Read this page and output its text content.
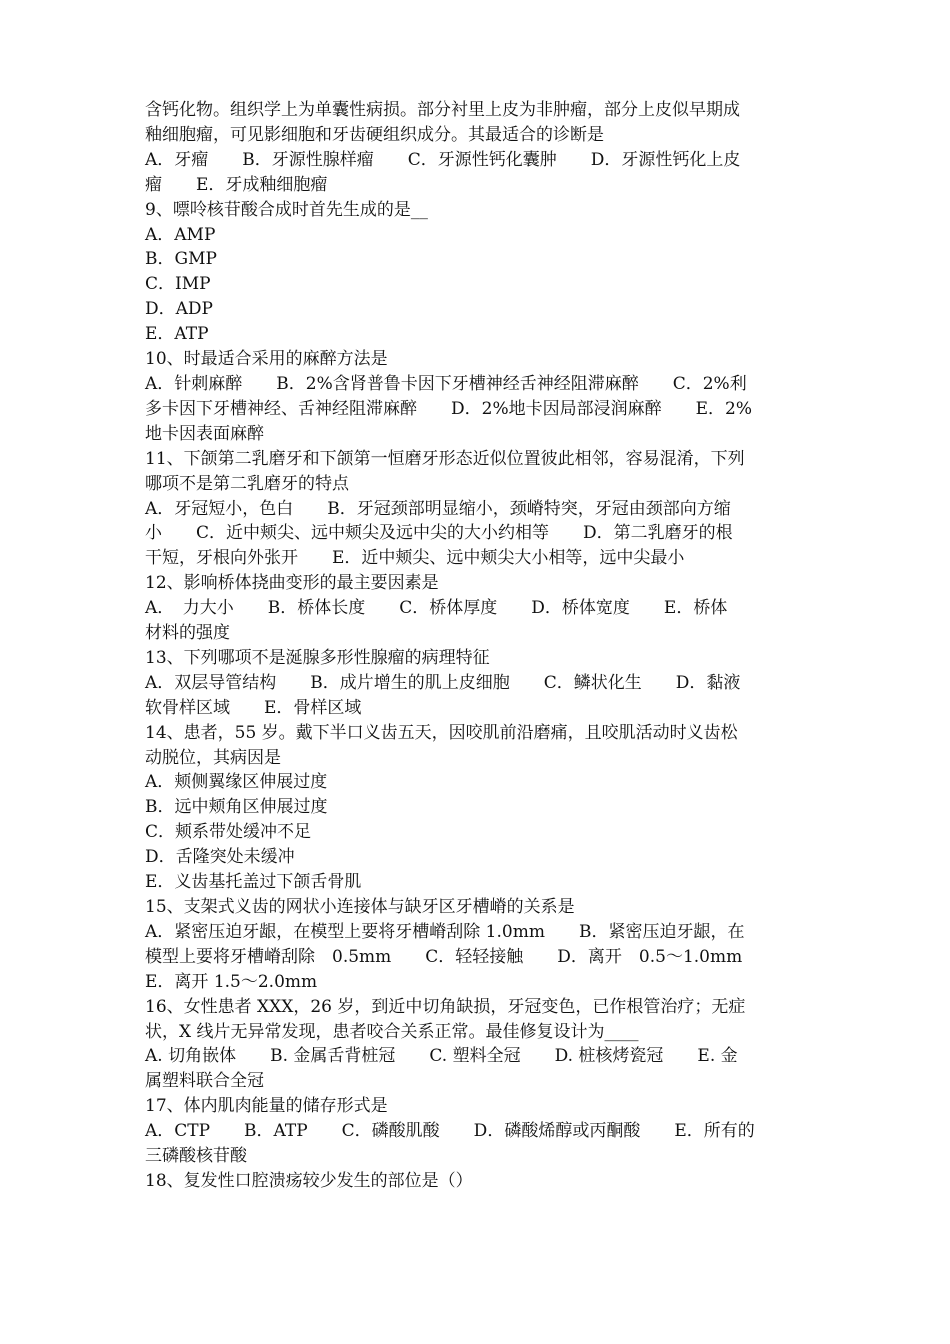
含钙化物。组织学上为单囊性病损。部分衬里上皮为非肿瘤，部分上皮似早期成

釉细胞瘤，可见影细胞和牙齿硬组织成分。其最适合的诊断是

A．牙瘤　　B．牙源性腺样瘤　　C．牙源性钙化囊肿　　D．牙源性钙化上皮

瘤　　E．牙成釉细胞瘤

9、嘌呤核苷酸合成时首先生成的是__

A．AMP

B．GMP

C．IMP

D．ADP

E．ATP

10、时最适合采用的麻醉方法是

A．针刺麻醉　　B．2%含肾普鲁卡因下牙槽神经舌神经阻滞麻醉　　C．2%利

多卡因下牙槽神经、舌神经阻滞麻醉　　D．2%地卡因局部浸润麻醉　　E．2%

地卡因表面麻醉

11、下颌第二乳磨牙和下颌第一恒磨牙形态近似位置彼此相邻，容易混淆，下列

哪项不是第二乳磨牙的特点

A．牙冠短小，色白　　B．牙冠颈部明显缩小，颈嵴特突，牙冠由颈部向方缩

小　　C．近中颊尖、远中颊尖及远中尖的大小约相等　　D．第二乳磨牙的根

干短，牙根向外张开　　E．近中颊尖、远中颊尖大小相等，远中尖最小

12、影响桥体挠曲变形的最主要因素是

A．　力大小　　B．桥体长度　　C．桥体厚度　　D．桥体宽度　　E．桥体

材料的强度

13、下列哪项不是涎腺多形性腺瘤的病理特征

A．双层导管结构　　B．成片增生的肌上皮细胞　　C．鳞状化生　　D．黏液

软骨样区域　　E．骨样区域

14、患者，55 岁。戴下半口义齿五天，因咬肌前沿磨痛，且咬肌活动时义齿松

动脱位，其病因是

A．颊侧翼缘区伸展过度

B．远中颊角区伸展过度

C．颊系带处缓冲不足

D．舌隆突处未缓冲

E．义齿基托盖过下颌舌骨肌

15、支架式义齿的网状小连接体与缺牙区牙槽嵴的关系是

A．紧密压迫牙龈，在模型上要将牙槽嵴刮除 1.0mm　　B．紧密压迫牙龈，在

模型上要将牙槽嵴刮除　0.5mm　　C．轻轻接触　　D．离开　0.5～1.0mm

E．离开 1.5～2.0mm

16、女性患者 XXX，26 岁，到近中切角缺损，牙冠变色，已作根管治疗；无症

状，X 线片无异常发现，患者咬合关系正常。最佳修复设计为____

A. 切角嵌体　　B. 金属舌背桩冠　　C. 塑料全冠　　D. 桩核烤瓷冠　　E. 金

属塑料联合全冠

17、体内肌肉能量的储存形式是

A．CTP　　B．ATP　　C．磷酸肌酸　　D．磷酸烯醇或丙酮酸　　E．所有的

三磷酸核苷酸

18、复发性口腔溃疡较少发生的部位是（）
